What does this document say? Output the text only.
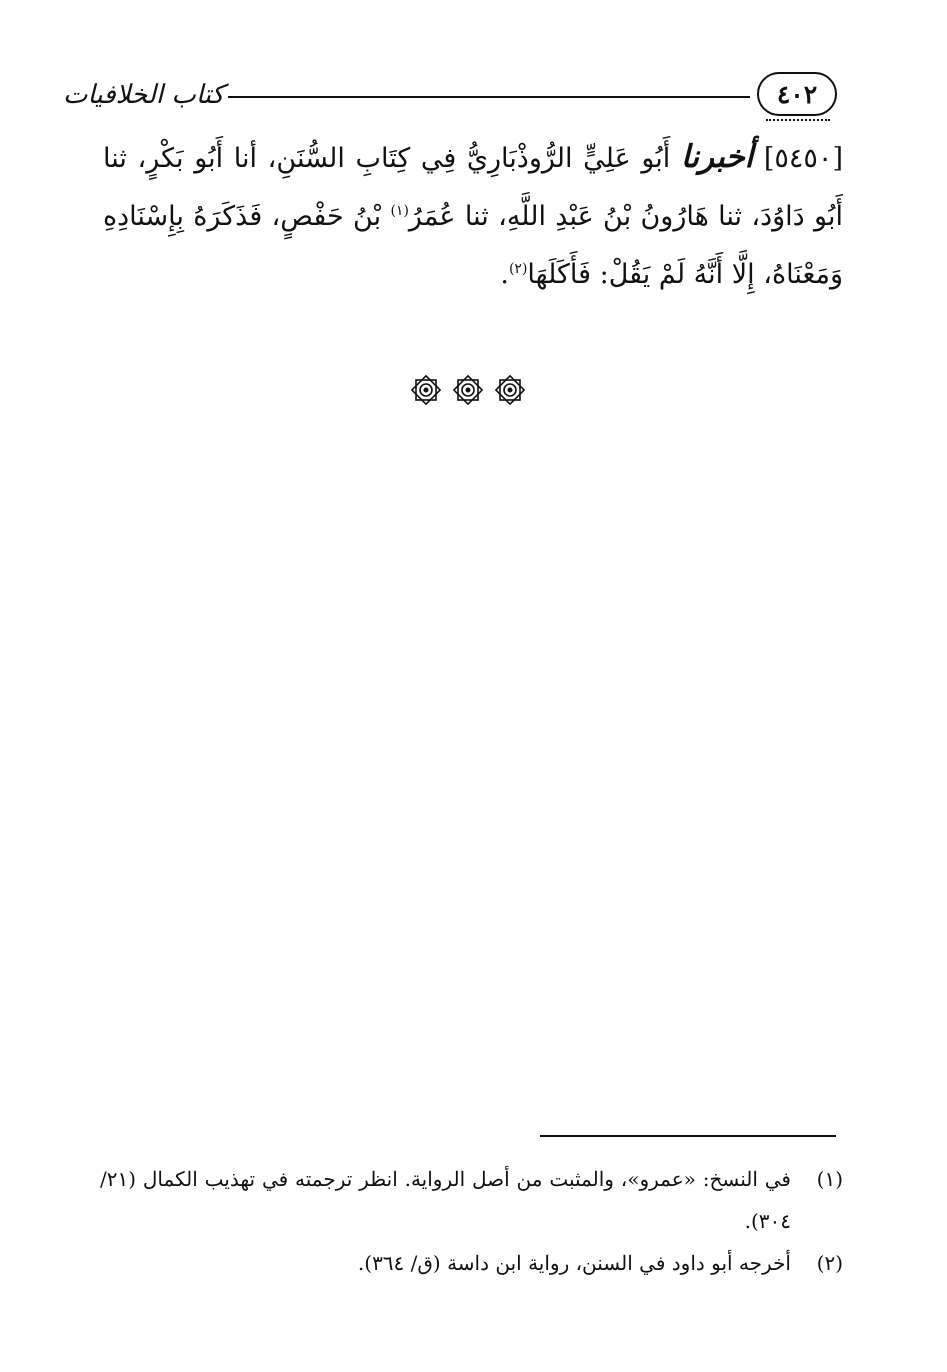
٤٠٢
كتاب الخلافيات
[٥٤٥٠] أخبرنا أَبُو عَلِيٍّ الرُّوذْبَارِيُّ فِي كِتَابِ السُّنَنِ، أنا أَبُو بَكْرٍ، ثنا أَبُو دَاوُدَ، ثنا هَارُونُ بْنُ عَبْدِ اللَّهِ، ثنا عُمَرُ$^{(١)}$ بْنُ حَفْصٍ، فَذَكَرَهُ بِإِسْنَادِهِ وَمَعْنَاهُ، إِلَّا أَنَّهُ لَمْ يَقُلْ: فَأَكَلَهَا$^{(٢)}$.
(١)
في النسخ: «عمرو»، والمثبت من أصل الرواية. انظر ترجمته في تهذيب الكمال (٢١/ ٣٠٤).
(٢)
أخرجه أبو داود في السنن، رواية ابن داسة (ق/ ٣٦٤).
